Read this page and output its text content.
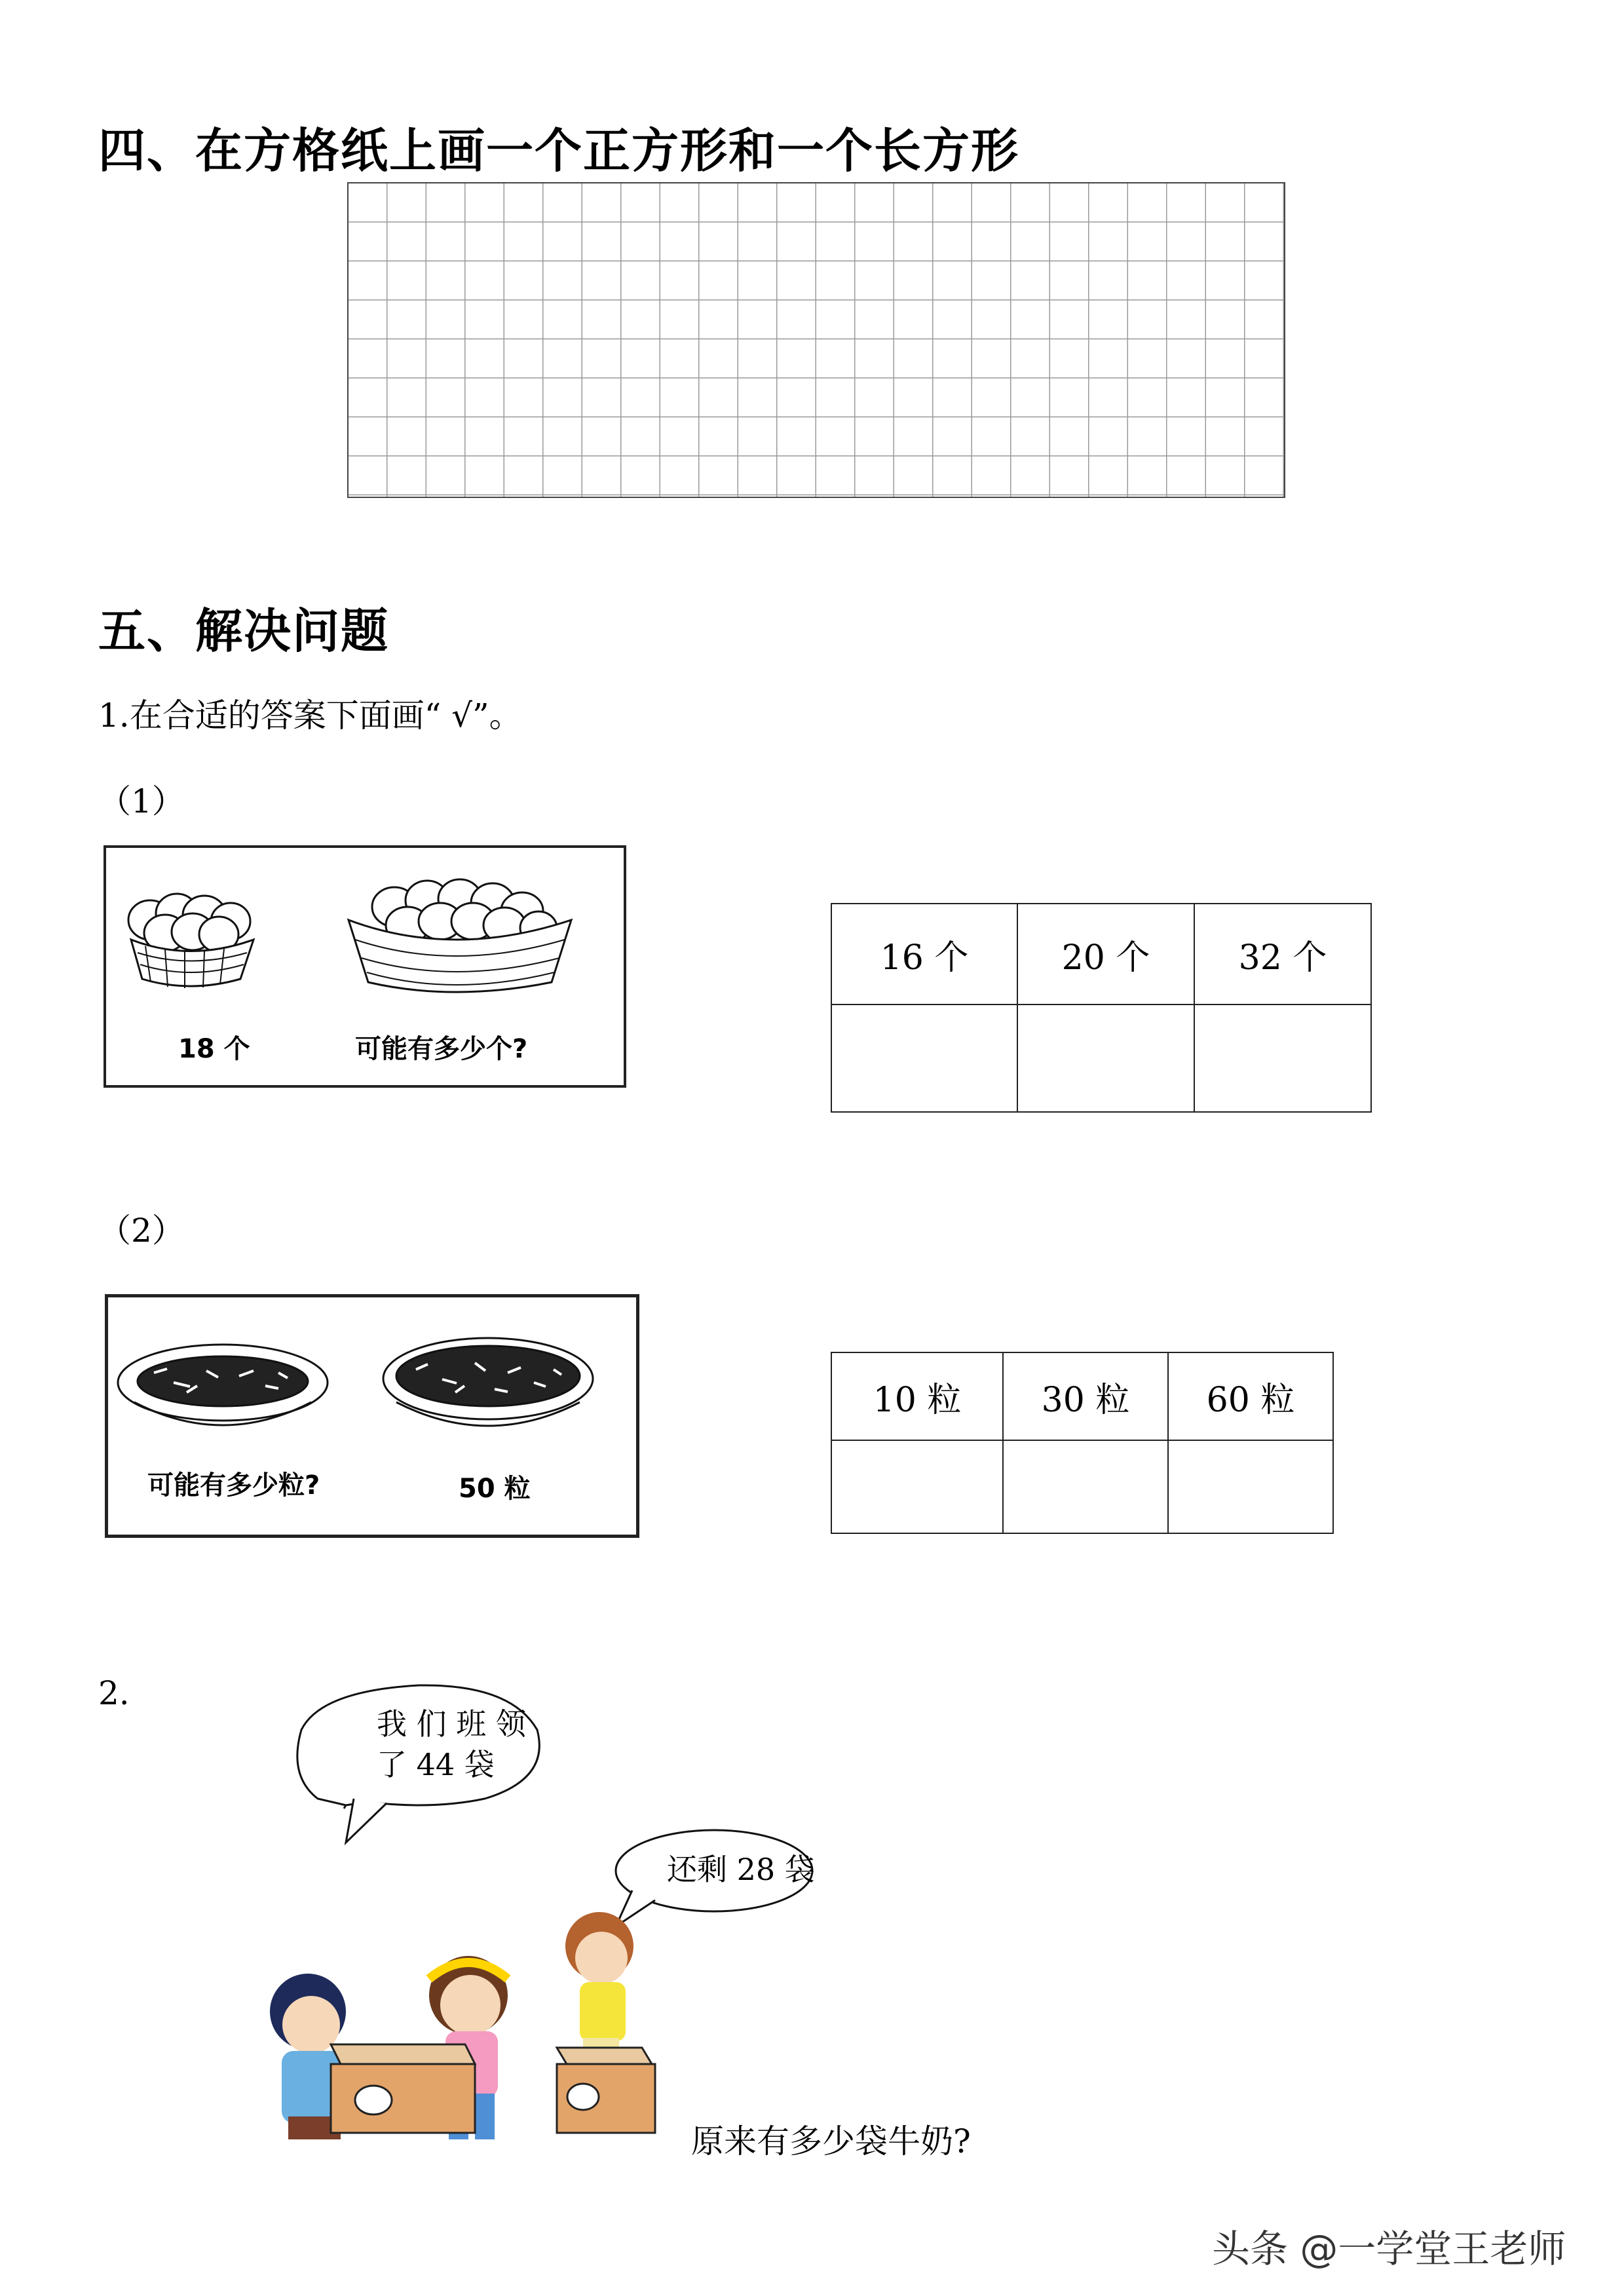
四、在方格纸上画一个正方形和一个长方形
五、解决问题
1.在合适的答案下面画“ √”。
（1）
18 个	可能有多少个?
16 个	20 个	32 个

（2）
可能有多少粒?	50 粒
10 粒	30 粒	60 粒

2.
我 们 班 领
了 44 袋
还剩 28 袋
原来有多少袋牛奶?
头条 @一学堂王老师
